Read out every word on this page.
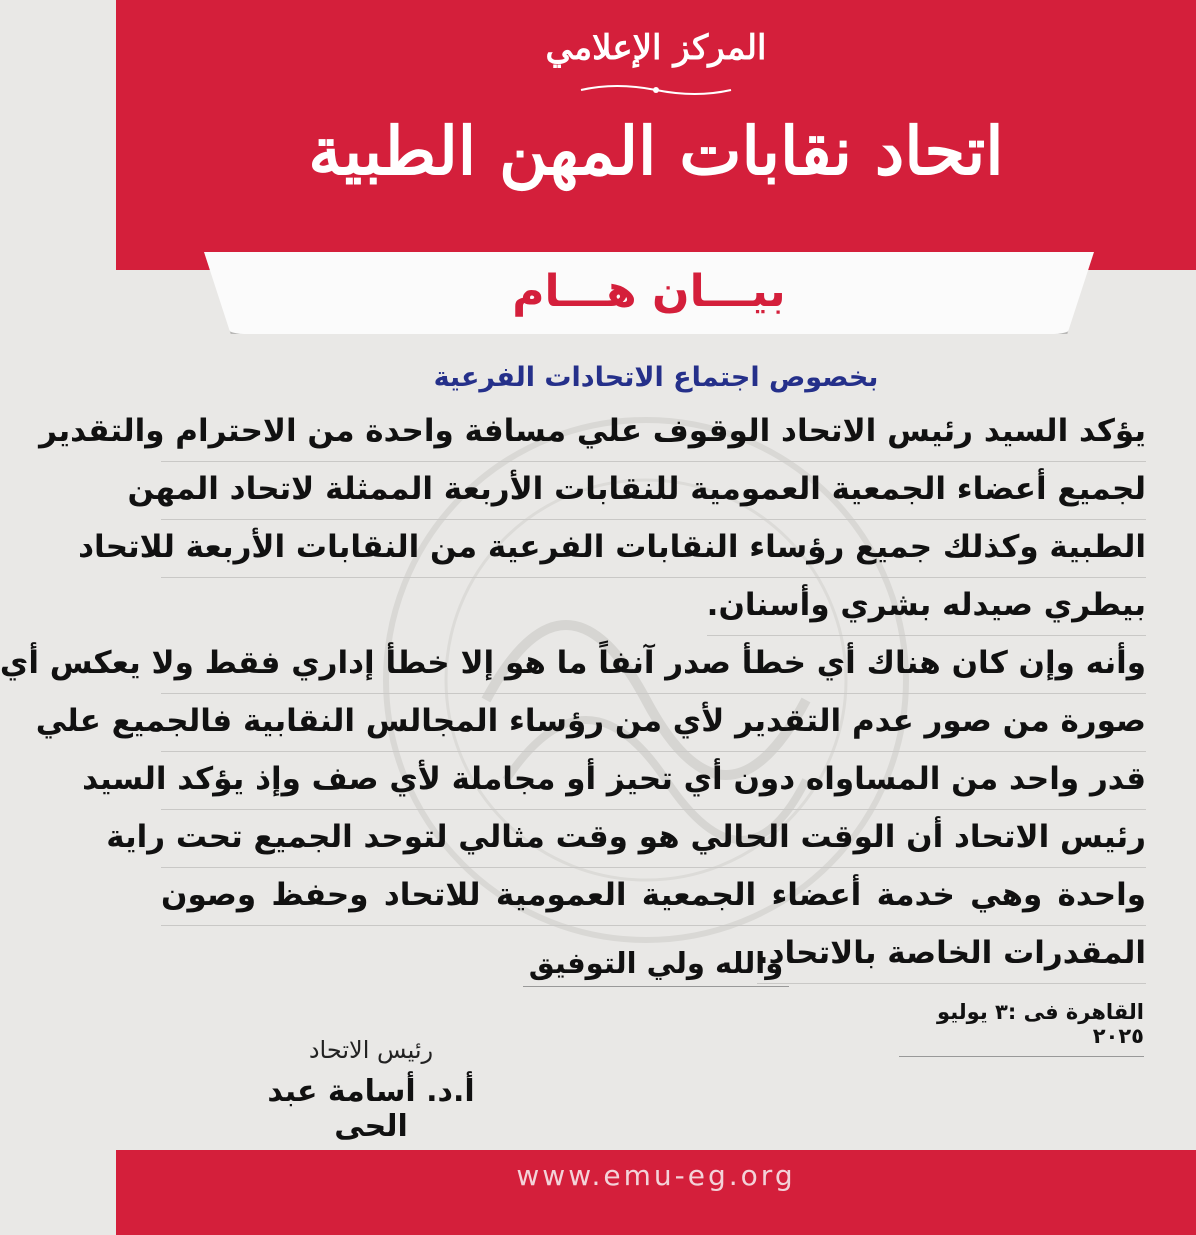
المركز الإعلامي
اتحاد نقابات المهن الطبية
بيـــان هـــام
بخصوص اجتماع الاتحادات الفرعية
يؤكد السيد رئيس الاتحاد الوقوف علي مسافة واحدة من الاحترام والتقدير
لجميع أعضاء الجمعية العمومية للنقابات الأربعة الممثلة لاتحاد المهن
الطبية وكذلك جميع رؤساء النقابات الفرعية من النقابات الأربعة للاتحاد
بيطري صيدله بشري وأسنان.
وأنه وإن كان هناك أي خطأ صدر آنفاً ما هو إلا خطأ إداري فقط ولا يعكس أي
صورة من صور عدم التقدير لأي من رؤساء المجالس النقابية فالجميع علي
قدر واحد من المساواه دون أي تحيز أو مجاملة لأي صف وإذ يؤكد السيد
رئيس الاتحاد أن الوقت الحالي هو وقت مثالي لتوحد الجميع تحت راية
واحدة وهي خدمة أعضاء الجمعية العمومية للاتحاد وحفظ وصون
المقدرات الخاصة بالاتحاد.
والله ولي التوفيق
القاهرة فى :٣ يوليو ٢٠٢٥
رئيس الاتحاد
أ.د. أسامة عبد الحى
www.emu-eg.org
